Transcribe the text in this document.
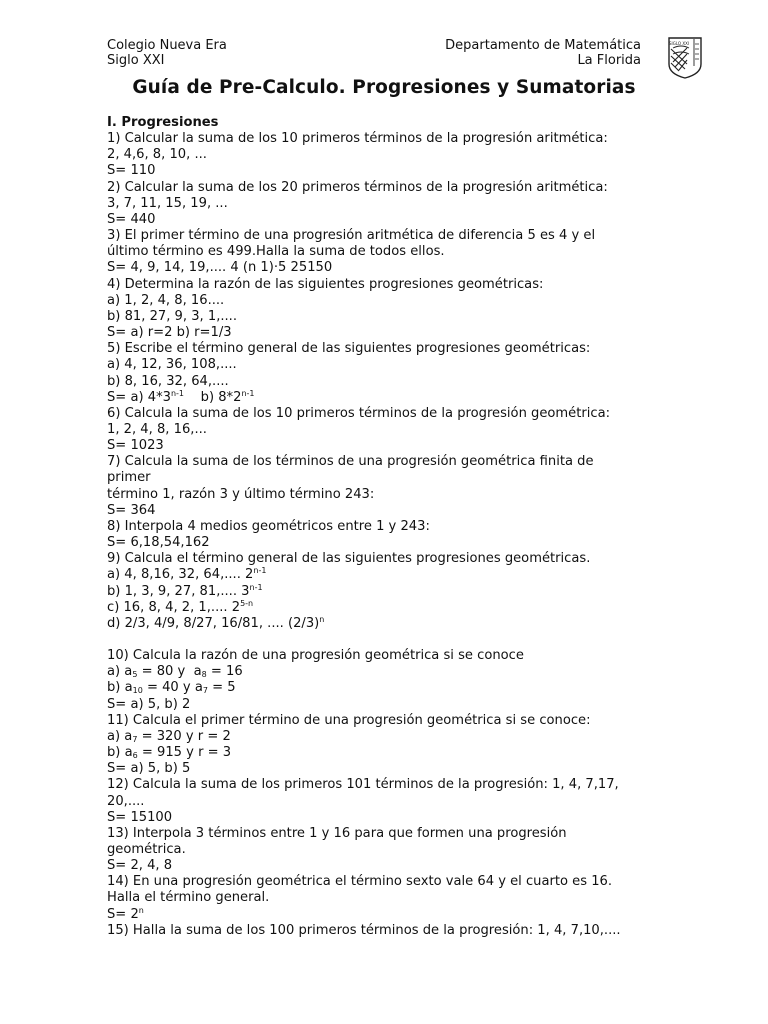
Colegio Nueva Era
Siglo XXI
Departamento de Matemática
La Florida
SIGLO XXI
Guía de Pre-Calculo. Progresiones y Sumatorias
I. Progresiones
1) Calcular la suma de los 10 primeros términos de la progresión aritmética:
2, 4,6, 8, 10, ...
S= 110
2) Calcular la suma de los 20 primeros términos de la progresión aritmética:
3, 7, 11, 15, 19, ...
S= 440
3) El primer término de una progresión aritmética de diferencia 5 es 4 y el
último término es 499.Halla la suma de todos ellos.
S= 4, 9, 14, 19,.... 4 (n 1)·5 25150
4) Determina la razón de las siguientes progresiones geométricas:
a) 1, 2, 4, 8, 16....
b) 81, 27, 9, 3, 1,....
S= a) r=2 b) r=1/3
5) Escribe el término general de las siguientes progresiones geométricas:
a) 4, 12, 36, 108,....
b) 8, 16, 32, 64,....
S= a) 4*3$^{n-1}$    b) 8*2$^{n-1}$
6) Calcula la suma de los 10 primeros términos de la progresión geométrica:
1, 2, 4, 8, 16,...
S= 1023
7) Calcula la suma de los términos de una progresión geométrica finita de
primer
término 1, razón 3 y último término 243:
S= 364
8) Interpola 4 medios geométricos entre 1 y 243:
S= 6,18,54,162
9) Calcula el término general de las siguientes progresiones geométricas.
a) 4, 8,16, 32, 64,.... 2$^{n-1}$
b) 1, 3, 9, 27, 81,.... 3$^{n-1}$
c) 16, 8, 4, 2, 1,.... 2$^{5-n}$
d) 2/3, 4/9, 8/27, 16/81, .... $(2/3)^n$
10) Calcula la razón de una progresión geométrica si se conoce
a) $a_5 = 80$ y  $a_8 = 16$
b) $a_{10} = 40$ y $a_7 = 5$
S= a) 5, b) 2
11) Calcula el primer término de una progresión geométrica si se conoce:
a) $a_7 = 320$ y r = 2
b) $a_6 = 915$ y r = 3
S= a) 5, b) 5
12) Calcula la suma de los primeros 101 términos de la progresión: 1, 4, 7,17,
20,....
S= 15100
13) Interpola 3 términos entre 1 y 16 para que formen una progresión
geométrica.
S= 2, 4, 8
14) En una progresión geométrica el término sexto vale 64 y el cuarto es 16.
Halla el término general.
$S= 2^n$
15) Halla la suma de los 100 primeros términos de la progresión: 1, 4, 7,10,....
